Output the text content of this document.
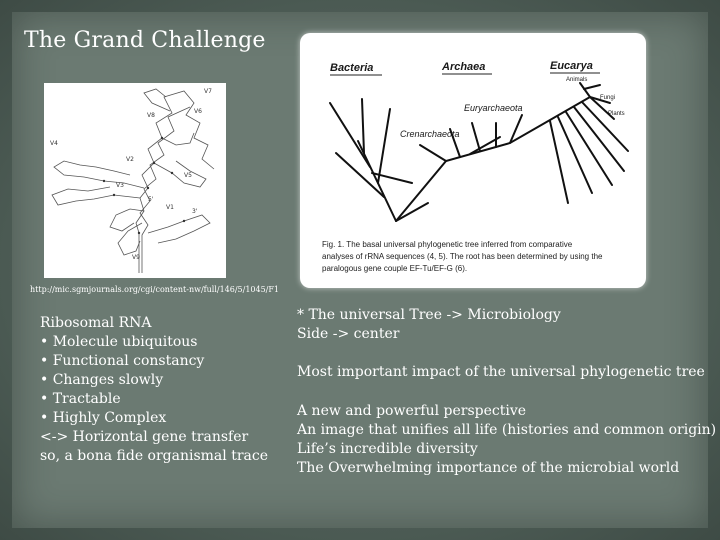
The Grand Challenge
V7
V6
V8
V4
V2
V3
V5
V1
V9
5'
3'
http://mic.sgmjournals.org/cgi/content-nw/full/146/5/1045/F1
Bacteria	Archaea	Eucarya
Euryarchaeota
Crenarchaeota
Animals
Fungi
Plants
Fig. 1. The basal universal phylogenetic tree inferred from comparative
analyses of rRNA sequences (4, 5). The root has been determined by using the
paralogous gene couple EF-Tu/EF-G (6).
Ribosomal RNA
• Molecule ubiquitous
• Functional constancy
• Changes slowly
• Tractable
• Highly Complex
<-> Horizontal gene transfer
so, a bona fide organismal trace
* The universal Tree -> Microbiology
Side -> center
Most important impact of the universal phylogenetic tree
A new and powerful perspective
An image that unifies all life (histories and common origin)
Life’s incredible diversity
The Overwhelming importance of the microbial world
